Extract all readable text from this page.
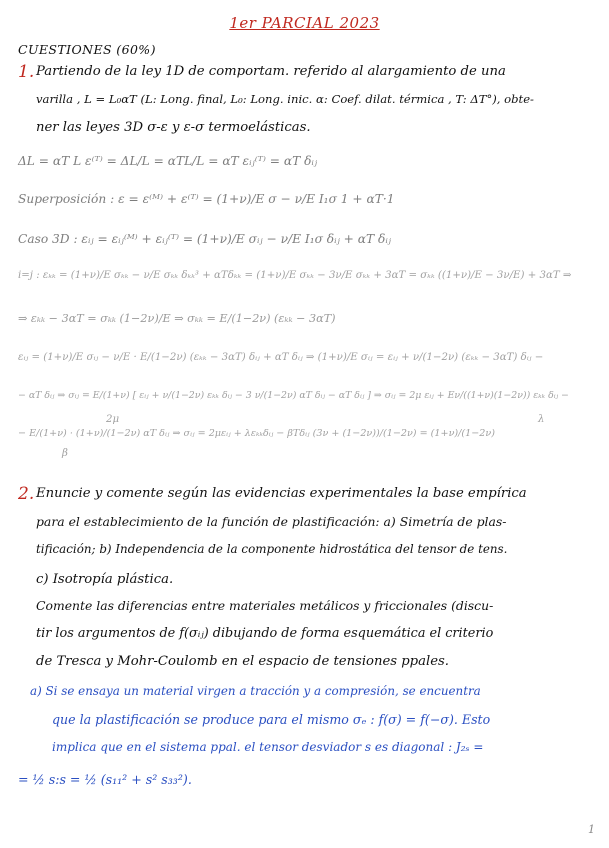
1er PARCIAL 2023
CUESTIONES (60%)
1. Partiendo de la ley 1D de comportam. referido al alargamiento de una
varilla , L = L₀αT (L: Long. final, L₀: Long. inic. α: Coef. dilat. térmica , T: ΔT°), obte-
ner las leyes 3D σ-ε y ε-σ termoelásticas.
ΔL = αT L ε⁽ᵀ⁾ = ΔL/L = αTL/L = αT εᵢⱼ⁽ᵀ⁾ = αT δᵢⱼ
Superposición : ε = ε⁽ᴹ⁾ + ε⁽ᵀ⁾ = (1+ν)/E σ − ν/E I₁σ 1 + αT·1
Caso 3D : εᵢⱼ = εᵢⱼ⁽ᴹ⁾ + εᵢⱼ⁽ᵀ⁾ = (1+ν)/E σᵢⱼ − ν/E I₁σ δᵢⱼ + αT δᵢⱼ
i=j : εₖₖ = (1+ν)/E σₖₖ − ν/E σₖₖ δₖₖ³ + αTδₖₖ = (1+ν)/E σₖₖ − 3ν/E σₖₖ + 3αT = σₖₖ ((1+ν)/E − 3ν/E) + 3αT ⇒
⇒ εₖₖ − 3αT = σₖₖ (1−2ν)/E ⇒ σₖₖ = E/(1−2ν) (εₖₖ − 3αT)
εᵢⱼ = (1+ν)/E σᵢⱼ − ν/E · E/(1−2ν) (εₖₖ − 3αT) δᵢⱼ + αT δᵢⱼ ⇒ (1+ν)/E σᵢⱼ = εᵢⱼ + ν/(1−2ν) (εₖₖ − 3αT) δᵢⱼ −
− αT δᵢⱼ ⇒ σᵢⱼ = E/(1+ν) [ εᵢⱼ + ν/(1−2ν) εₖₖ δᵢⱼ − 3 ν/(1−2ν) αT δᵢⱼ − αT δᵢⱼ ] ⇒ σᵢⱼ = 2μ εᵢⱼ + Eν/((1+ν)(1−2ν)) εₖₖ δᵢⱼ −
− E/(1+ν) · (1+ν)/(1−2ν) αT δᵢⱼ ⇒ σᵢⱼ = 2μεᵢⱼ + λεₖₖδᵢⱼ − βTδᵢⱼ (3ν + (1−2ν))/(1−2ν) = (1+ν)/(1−2ν)
2μ	λ
β
2. Enuncie y comente según las evidencias experimentales la base empírica
para el establecimiento de la función de plastificación: a) Simetría de plas-
tificación; b) Independencia de la componente hidrostática del tensor de tens.
c) Isotropía plástica.
Comente las diferencias entre materiales metálicos y friccionales (discu-
tir los argumentos de f(σᵢⱼ) dibujando de forma esquemática el criterio
de Tresca y Mohr-Coulomb en el espacio de tensiones ppales.
a) Si se ensaya un material virgen a tracción y a compresión, se encuentra
que la plastificación se produce para el mismo σₑ : f(σ) = f(−σ). Esto
implica que en el sistema ppal. el tensor desviador s es diagonal : J₂ₛ =
= ½ s:s = ½ (s₁₁² + s² s₃₃²).
1
